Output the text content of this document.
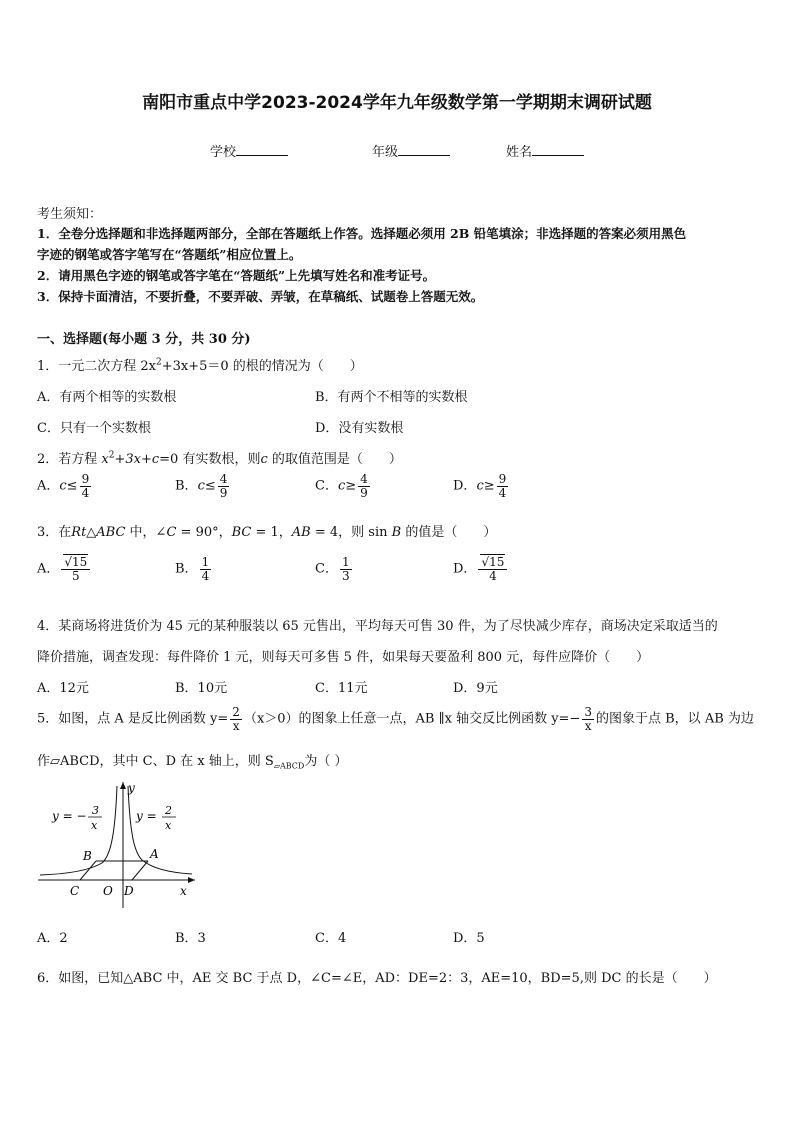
南阳市重点中学2023-2024学年九年级数学第一学期期末调研试题
学校	年级	姓名
考生须知：
1．全卷分选择题和非选择题两部分，全部在答题纸上作答。选择题必须用 2B 铅笔填涂；非选择题的答案必须用黑色
字迹的钢笔或答字笔写在“答题纸”相应位置上。
2．请用黑色字迹的钢笔或答字笔在“答题纸”上先填写姓名和准考证号。
3．保持卡面清洁，不要折叠，不要弄破、弄皱，在草稿纸、试题卷上答题无效。
一、选择题(每小题 3 分，共 30 分)
1．一元二次方程 $2x^2+3x+5=0$ 的根的情况为（　　）
A．有两个相等的实数根	B．有两个不相等的实数根
C．只有一个实数根	D．没有实数根
2．若方程 $x^2+3x+c=0$ 有实数根，则c 的取值范围是（　　）
A．$c\le \frac{9}{4}$	B．$c\le \frac{4}{9}$	C．$c\ge \frac{4}{9}$	D．$c\ge \frac{9}{4}$
3．在Rt△ABC 中，∠C = 90°，BC = 1，AB = 4，则 sin B 的值是（　　）
A． $\frac{√15}{5}$	B． $\frac{1}{4}$	C． $\frac{1}{3}$	D． $\frac{√15}{4}$
4．某商场将进货价为 45 元的某种服装以 65 元售出，平均每天可售 30 件，为了尽快减少库存，商场决定采取适当的
降价措施，调查发现：每件降价 1 元，则每天可多售 5 件，如果每天要盈利 800 元，每件应降价（　　）
A．12元	B．10元	C．11元	D．9元
5．如图，点 A 是反比例函数 $y= \frac{2}{x} (x>0)$的图象上任意一点，AB ∥x 轴交反比例函数 $y=- \frac{3}{x}$ 的图象于点 B，以 AB 为边
作▱ABCD，其中 C、D 在 x 轴上，则 $S_{▱ABCD}$为（ ）
y = − 3
x
y = 2
x
y
x
A
B
C O D
A．2	B．3	C．4	D．5
6．如图，已知△ABC 中，AE 交 BC 于点 D，∠C=∠E，AD：DE=2：3，AE=10，BD=5,则 DC 的长是（　　）
